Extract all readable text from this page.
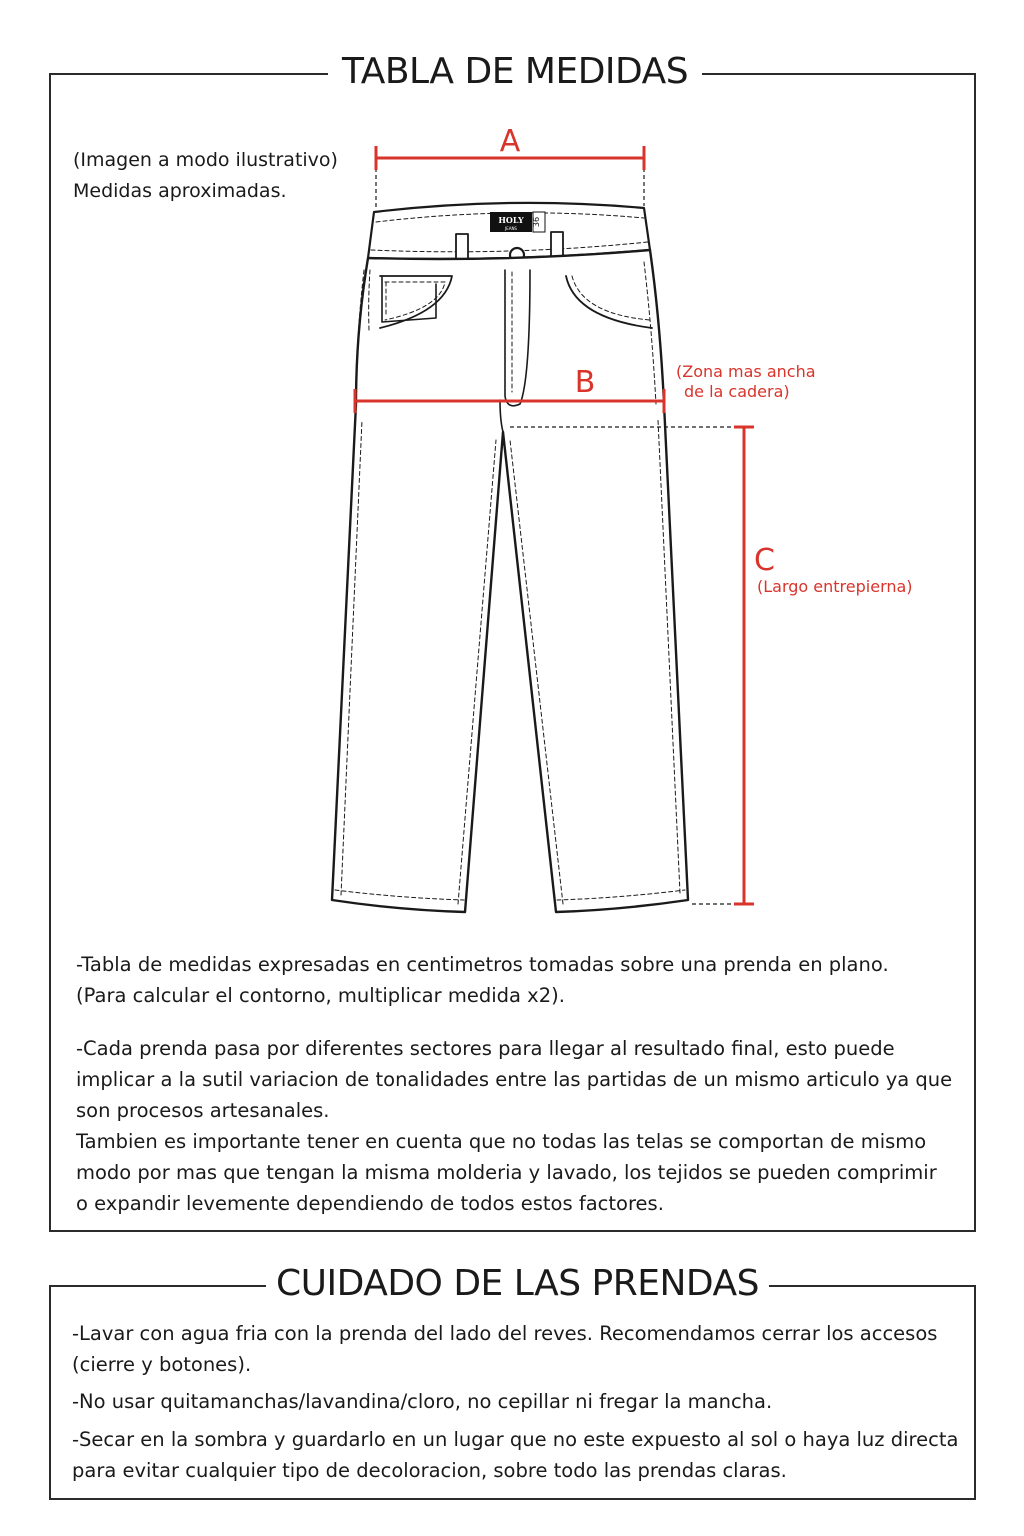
TABLA DE MEDIDAS
(Imagen a modo ilustrativo)
Medidas aproximadas.
HOLY
JEANS
36
A
B	(Zona mas ancha
de la cadera)
C
(Largo entrepierna)
-Tabla de medidas expresadas en centimetros tomadas sobre una prenda en plano.
(Para calcular el contorno, multiplicar medida x2).
-Cada prenda pasa por diferentes sectores para llegar al resultado final, esto puede
implicar a la sutil variacion de tonalidades entre las partidas de un mismo articulo ya que
son procesos artesanales.
Tambien es importante tener en cuenta que no todas las telas se comportan de mismo
modo por mas que tengan la misma molderia y lavado, los tejidos se pueden comprimir
o expandir levemente dependiendo de todos estos factores.
CUIDADO DE LAS PRENDAS
-Lavar con agua fria con la prenda del lado del reves. Recomendamos cerrar los accesos
(cierre y botones).
-No usar quitamanchas/lavandina/cloro, no cepillar ni fregar la mancha.
-Secar en la sombra y guardarlo en un lugar que no este expuesto al sol o haya luz directa
para evitar cualquier tipo de decoloracion, sobre todo las prendas claras.
